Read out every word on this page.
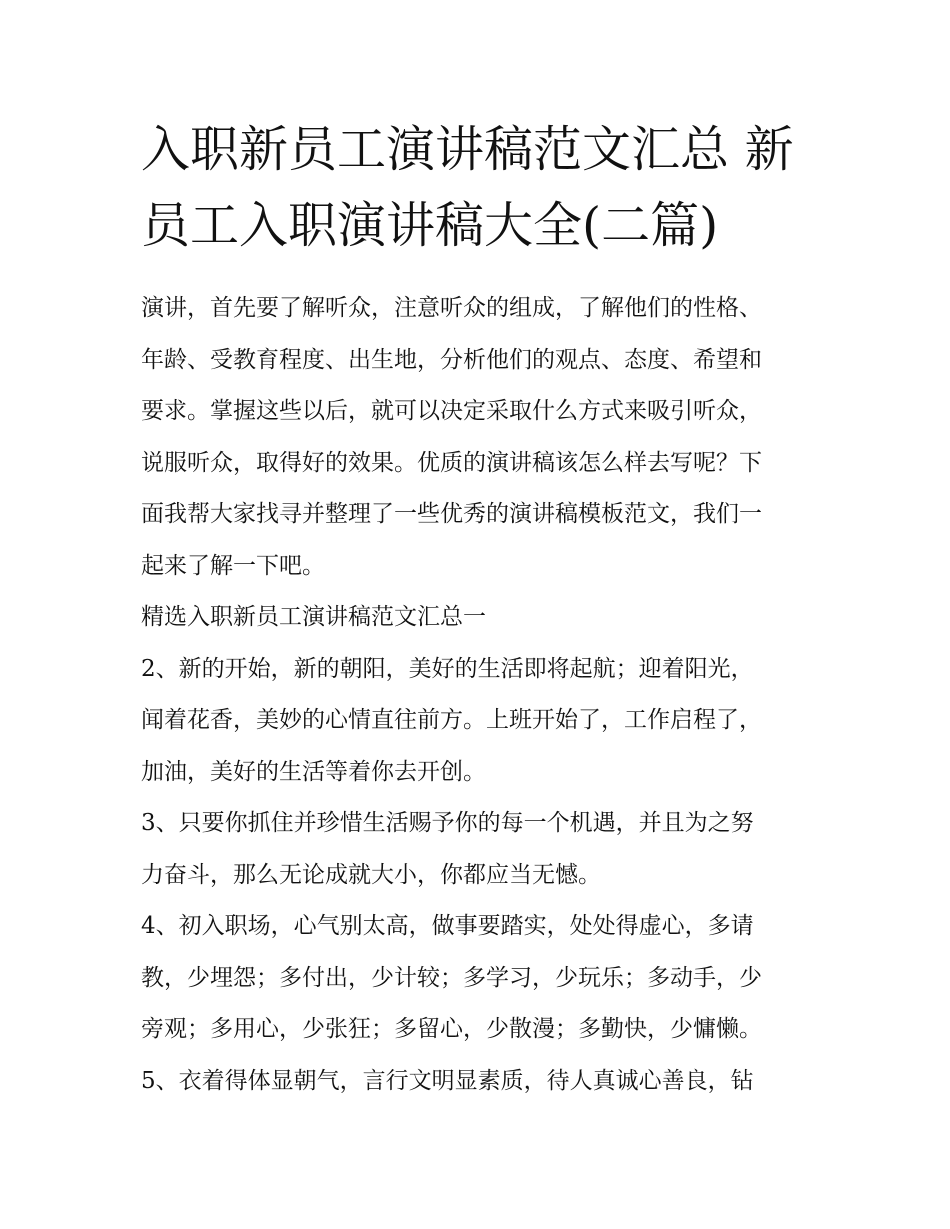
入职新员工演讲稿范文汇总 新
员工入职演讲稿大全(二篇)
演讲，首先要了解听众，注意听众的组成，了解他们的性格、
年龄、受教育程度、出生地，分析他们的观点、态度、希望和
要求。掌握这些以后，就可以决定采取什么方式来吸引听众，
说服听众，取得好的效果。优质的演讲稿该怎么样去写呢？下
面我帮大家找寻并整理了一些优秀的演讲稿模板范文，我们一
起来了解一下吧。
精选入职新员工演讲稿范文汇总一
2、新的开始，新的朝阳，美好的生活即将起航；迎着阳光，
闻着花香，美妙的心情直往前方。上班开始了，工作启程了，
加油，美好的生活等着你去开创。
3、只要你抓住并珍惜生活赐予你的每一个机遇，并且为之努
力奋斗，那么无论成就大小，你都应当无憾。
4、初入职场，心气别太高，做事要踏实，处处得虚心，多请
教，少埋怨；多付出，少计较；多学习，少玩乐；多动手，少
旁观；多用心，少张狂；多留心，少散漫；多勤快，少慵懒。
5、衣着得体显朝气，言行文明显素质，待人真诚心善良，钻
